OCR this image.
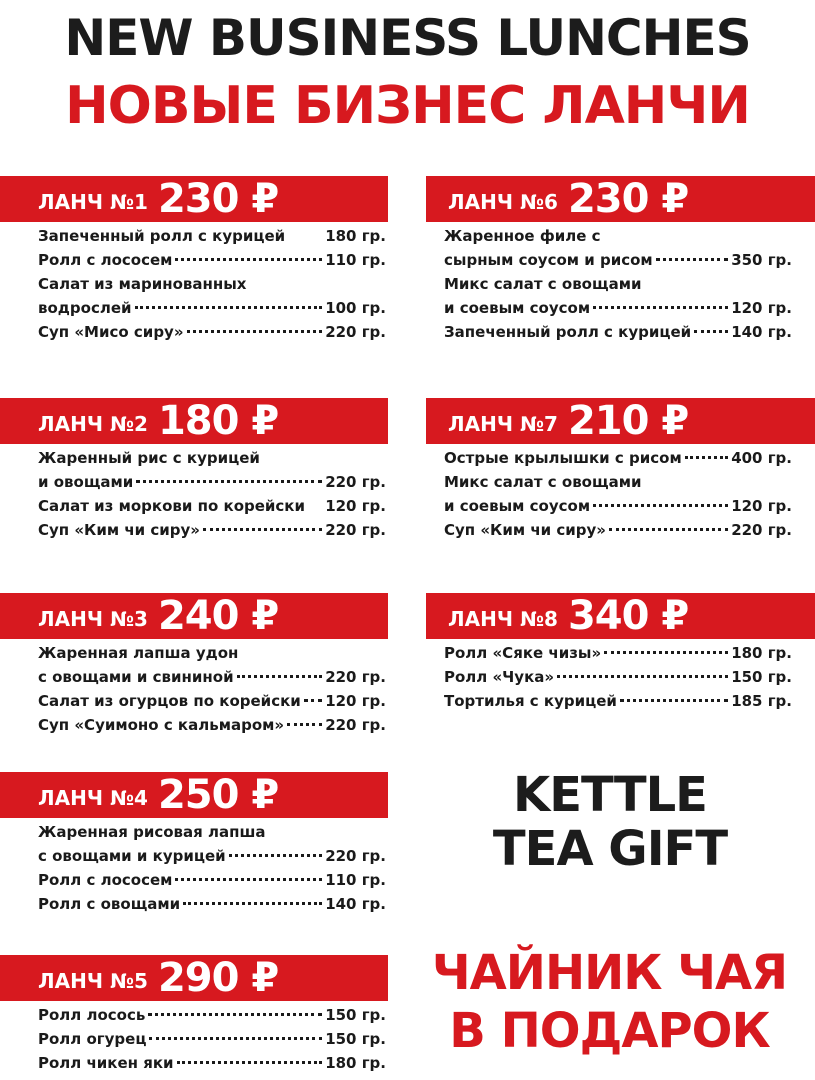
NEW BUSINESS LUNCHES
НОВЫЕ БИЗНЕС ЛАНЧИ
ЛАНЧ №1 230 ₽
Запеченный ролл с курицей	180 гр.
Ролл с лососем	110 гр.
Салат из маринованных
водрослей	100 гр.
Суп «Мисо сиру»	220 гр.
ЛАНЧ №2 180 ₽
Жаренный рис с курицей
и овощами	220 гр.
Салат из моркови по корейски 120 гр.
Суп «Ким чи сиру»	220 гр.
ЛАНЧ №3 240 ₽
Жаренная лапша удон
с овощами и свининой	220 гр.
Салат из огурцов по корейски 120 гр.
Суп «Суимоно с кальмаром»	220 гр.
ЛАНЧ №4 250 ₽
Жаренная рисовая лапша
с овощами и курицей	220 гр.
Ролл с лососем	110 гр.
Ролл с овощами	140 гр.
ЛАНЧ №5 290 ₽
Ролл лосось	150 гр.
Ролл огурец	150 гр.
Ролл чикен яки	180 гр.
ЛАНЧ №6 230 ₽
Жаренное филе с
сырным соусом и рисом	350 гр.
Микс салат с овощами
и соевым соусом	120 гр.
Запеченный ролл с курицей	140 гр.
ЛАНЧ №7 210 ₽
Острые крылышки с рисом	400 гр.
Микс салат с овощами
и соевым соусом	120 гр.
Суп «Ким чи сиру»	220 гр.
ЛАНЧ №8 340 ₽
Ролл «Сяке чизы»	180 гр.
Ролл «Чука»	150 гр.
Тортилья с курицей	185 гр.
KETTLE
TEA GIFT
ЧАЙНИК ЧАЯ
В ПОДАРОК
